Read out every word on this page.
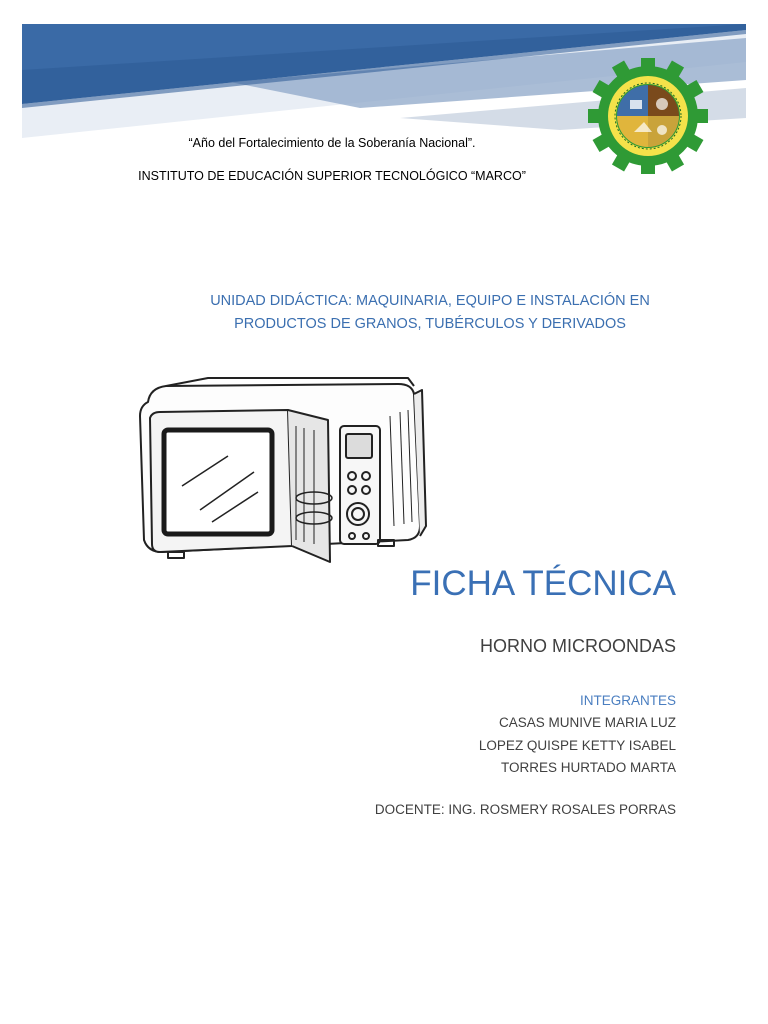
“Año del Fortalecimiento de la Soberanía Nacional”.
INSTITUTO DE EDUCACIÓN SUPERIOR TECNOLÓGICO “MARCO”
UNIDAD DIDÁCTICA: MAQUINARIA, EQUIPO E INSTALACIÓN EN
PRODUCTOS DE GRANOS, TUBÉRCULOS Y DERIVADOS
FICHA TÉCNICA
HORNO MICROONDAS
INTEGRANTES
CASAS MUNIVE MARIA LUZ
LOPEZ QUISPE KETTY ISABEL
TORRES HURTADO MARTA
DOCENTE: ING. ROSMERY ROSALES PORRAS
